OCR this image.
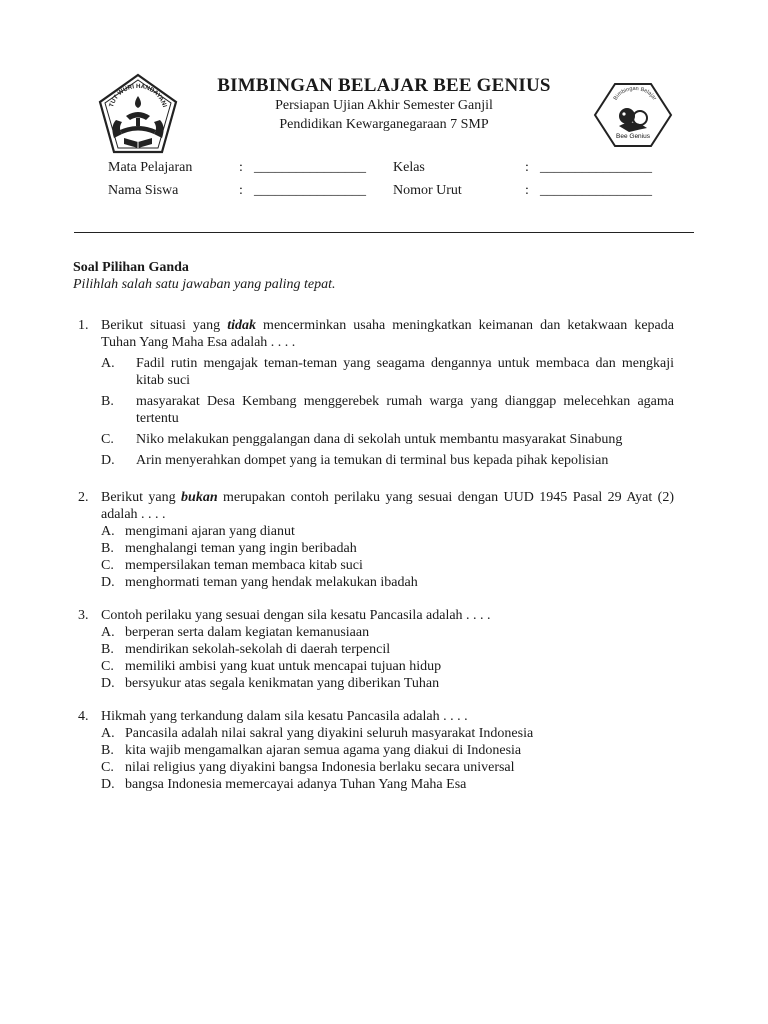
TUT WURI HANDAYANI
BIMBINGAN BELAJAR BEE GENIUS
Persiapan Ujian Akhir Semester Ganjil
Pendidikan Kewarganegaraan 7 SMP
Bimbingan Belajar
Bee Genius
Mata Pelajaran	: ________________ Kelas	: ________________
Nama Siswa	: ________________ Nomor Urut	: ________________
Soal Pilihan Ganda
Pilihlah salah satu jawaban yang paling tepat.
1. Berikut situasi yang tidak mencerminkan usaha meningkatkan keimanan dan ketakwaan kepada Tuhan Yang Maha Esa adalah . . . .
A.	Fadil rutin mengajak teman-teman yang seagama dengannya untuk membaca dan mengkaji kitab suci
B.	masyarakat Desa Kembang menggerebek rumah warga yang dianggap melecehkan agama tertentu
C.	Niko melakukan penggalangan dana di sekolah untuk membantu masyarakat Sinabung
D.	Arin menyerahkan dompet yang ia temukan di terminal bus kepada pihak kepolisian
2. Berikut yang bukan merupakan contoh perilaku yang sesuai dengan UUD 1945 Pasal 29 Ayat (2) adalah . . . .
A. mengimani ajaran yang dianut
B. menghalangi teman yang ingin beribadah
C. mempersilakan teman membaca kitab suci
D. menghormati teman yang hendak melakukan ibadah
3. Contoh perilaku yang sesuai dengan sila kesatu Pancasila adalah . . . .
A. berperan serta dalam kegiatan kemanusiaan
B. mendirikan sekolah-sekolah di daerah terpencil
C. memiliki ambisi yang kuat untuk mencapai tujuan hidup
D. bersyukur atas segala kenikmatan yang diberikan Tuhan
4. Hikmah yang terkandung dalam sila kesatu Pancasila adalah . . . .
A. Pancasila adalah nilai sakral yang diyakini seluruh masyarakat Indonesia
B. kita wajib mengamalkan ajaran semua agama yang diakui di Indonesia
C. nilai religius yang diyakini bangsa Indonesia berlaku secara universal
D. bangsa Indonesia memercayai adanya Tuhan Yang Maha Esa
